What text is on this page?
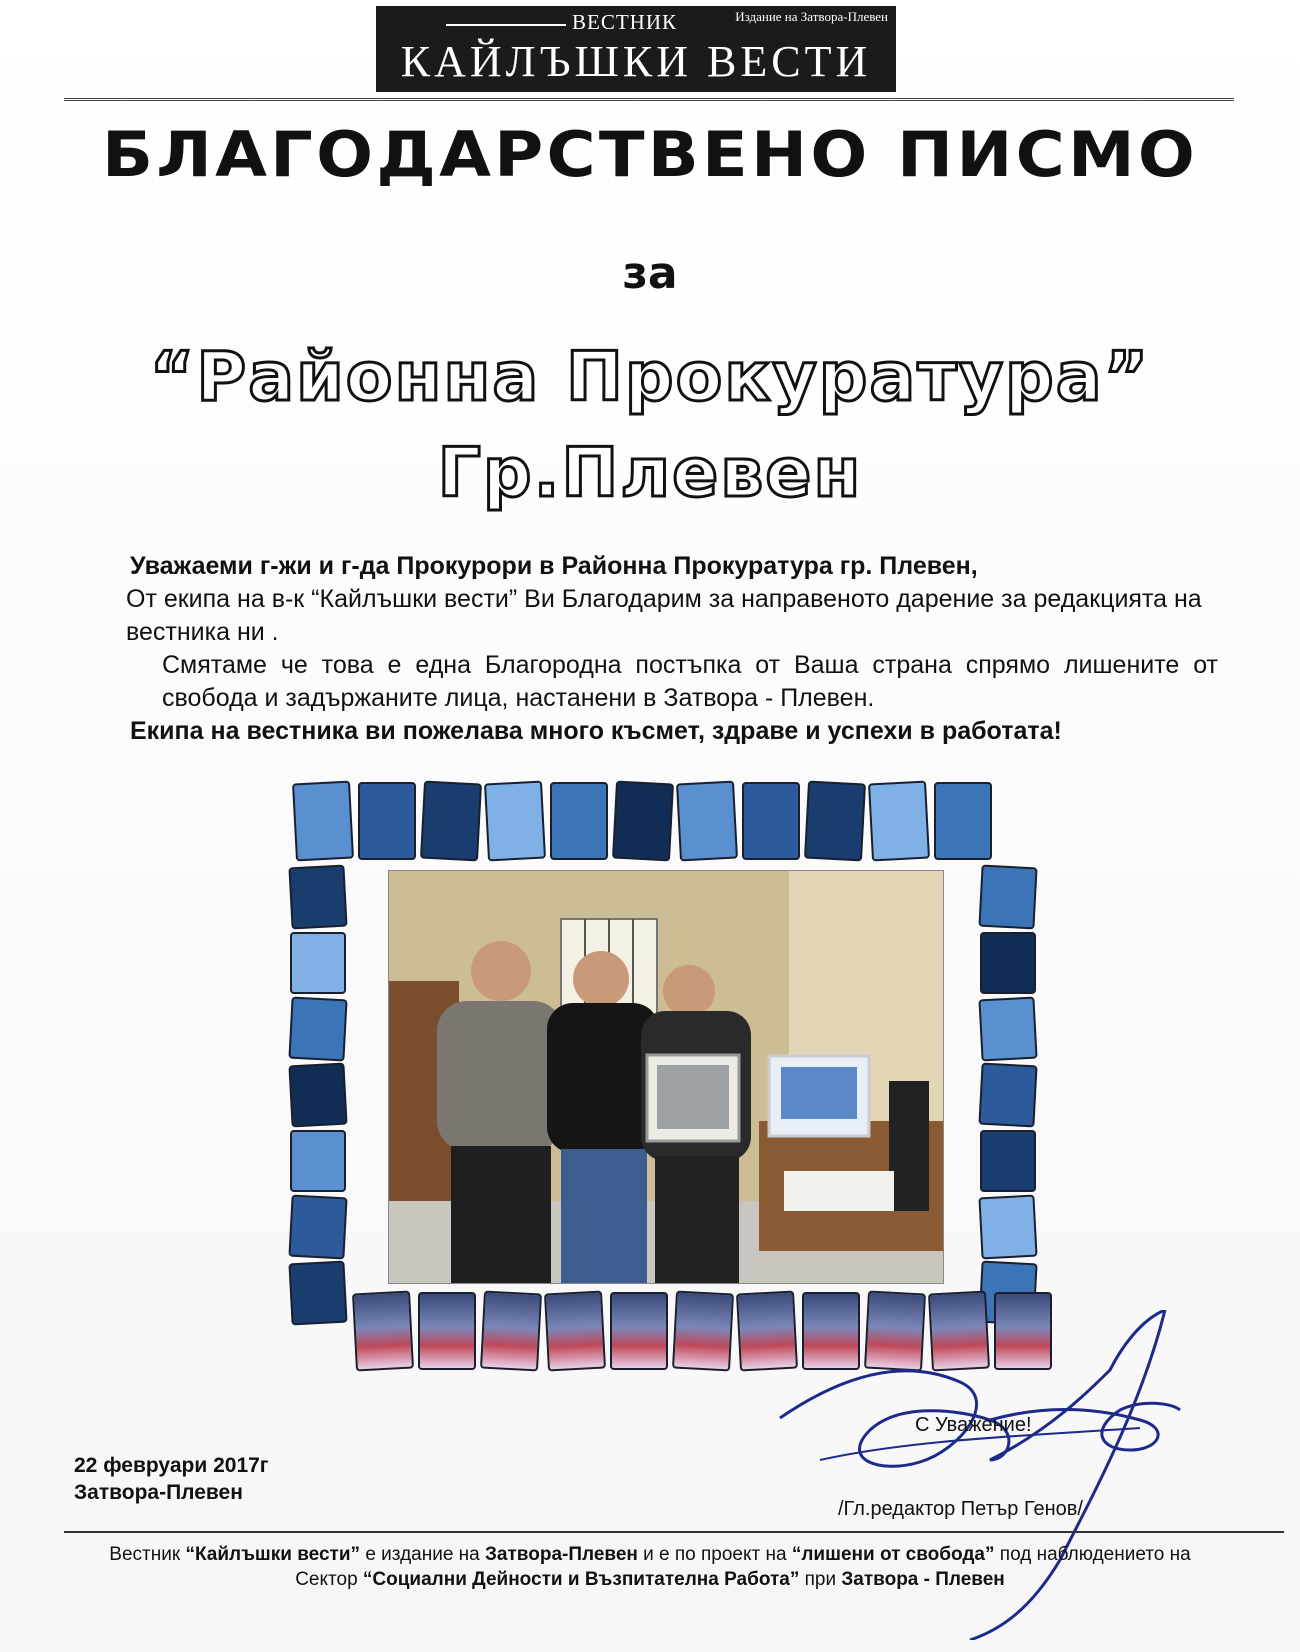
ВЕСТНИК	Издание на Затвора-Плевен
КАЙЛЪШКИ ВЕСТИ
БЛАГОДАРСТВЕНО ПИСМО
за
“Районна Прокуратура”
Гр.Плевен

Уважаеми г-жи и г-да Прокурори в Районна Прокуратура гр. Плевен,

От екипа на в-к “Кайлъшки вести” Ви Благодарим за направеното дарение за редакцията на вестника ни .

Смятаме че това е една Благородна постъпка от Ваша страна спрямо лишените от свобода и задържаните лица, настанени в Затвора - Плевен.

Екипа на вестника ви пожелава много късмет, здраве и успехи в работата!

С Уважение!
22 февруари 2017г
Затвора-Плевен
/Гл.редактор Петър Генов/
Вестник “Кайлъшки вести” е издание на Затвора-Плевен и е по проект на “лишени от свобода” под наблюдението на
Сектор “Социални Дейности и Възпитателна Работа” при Затвора - Плевен
